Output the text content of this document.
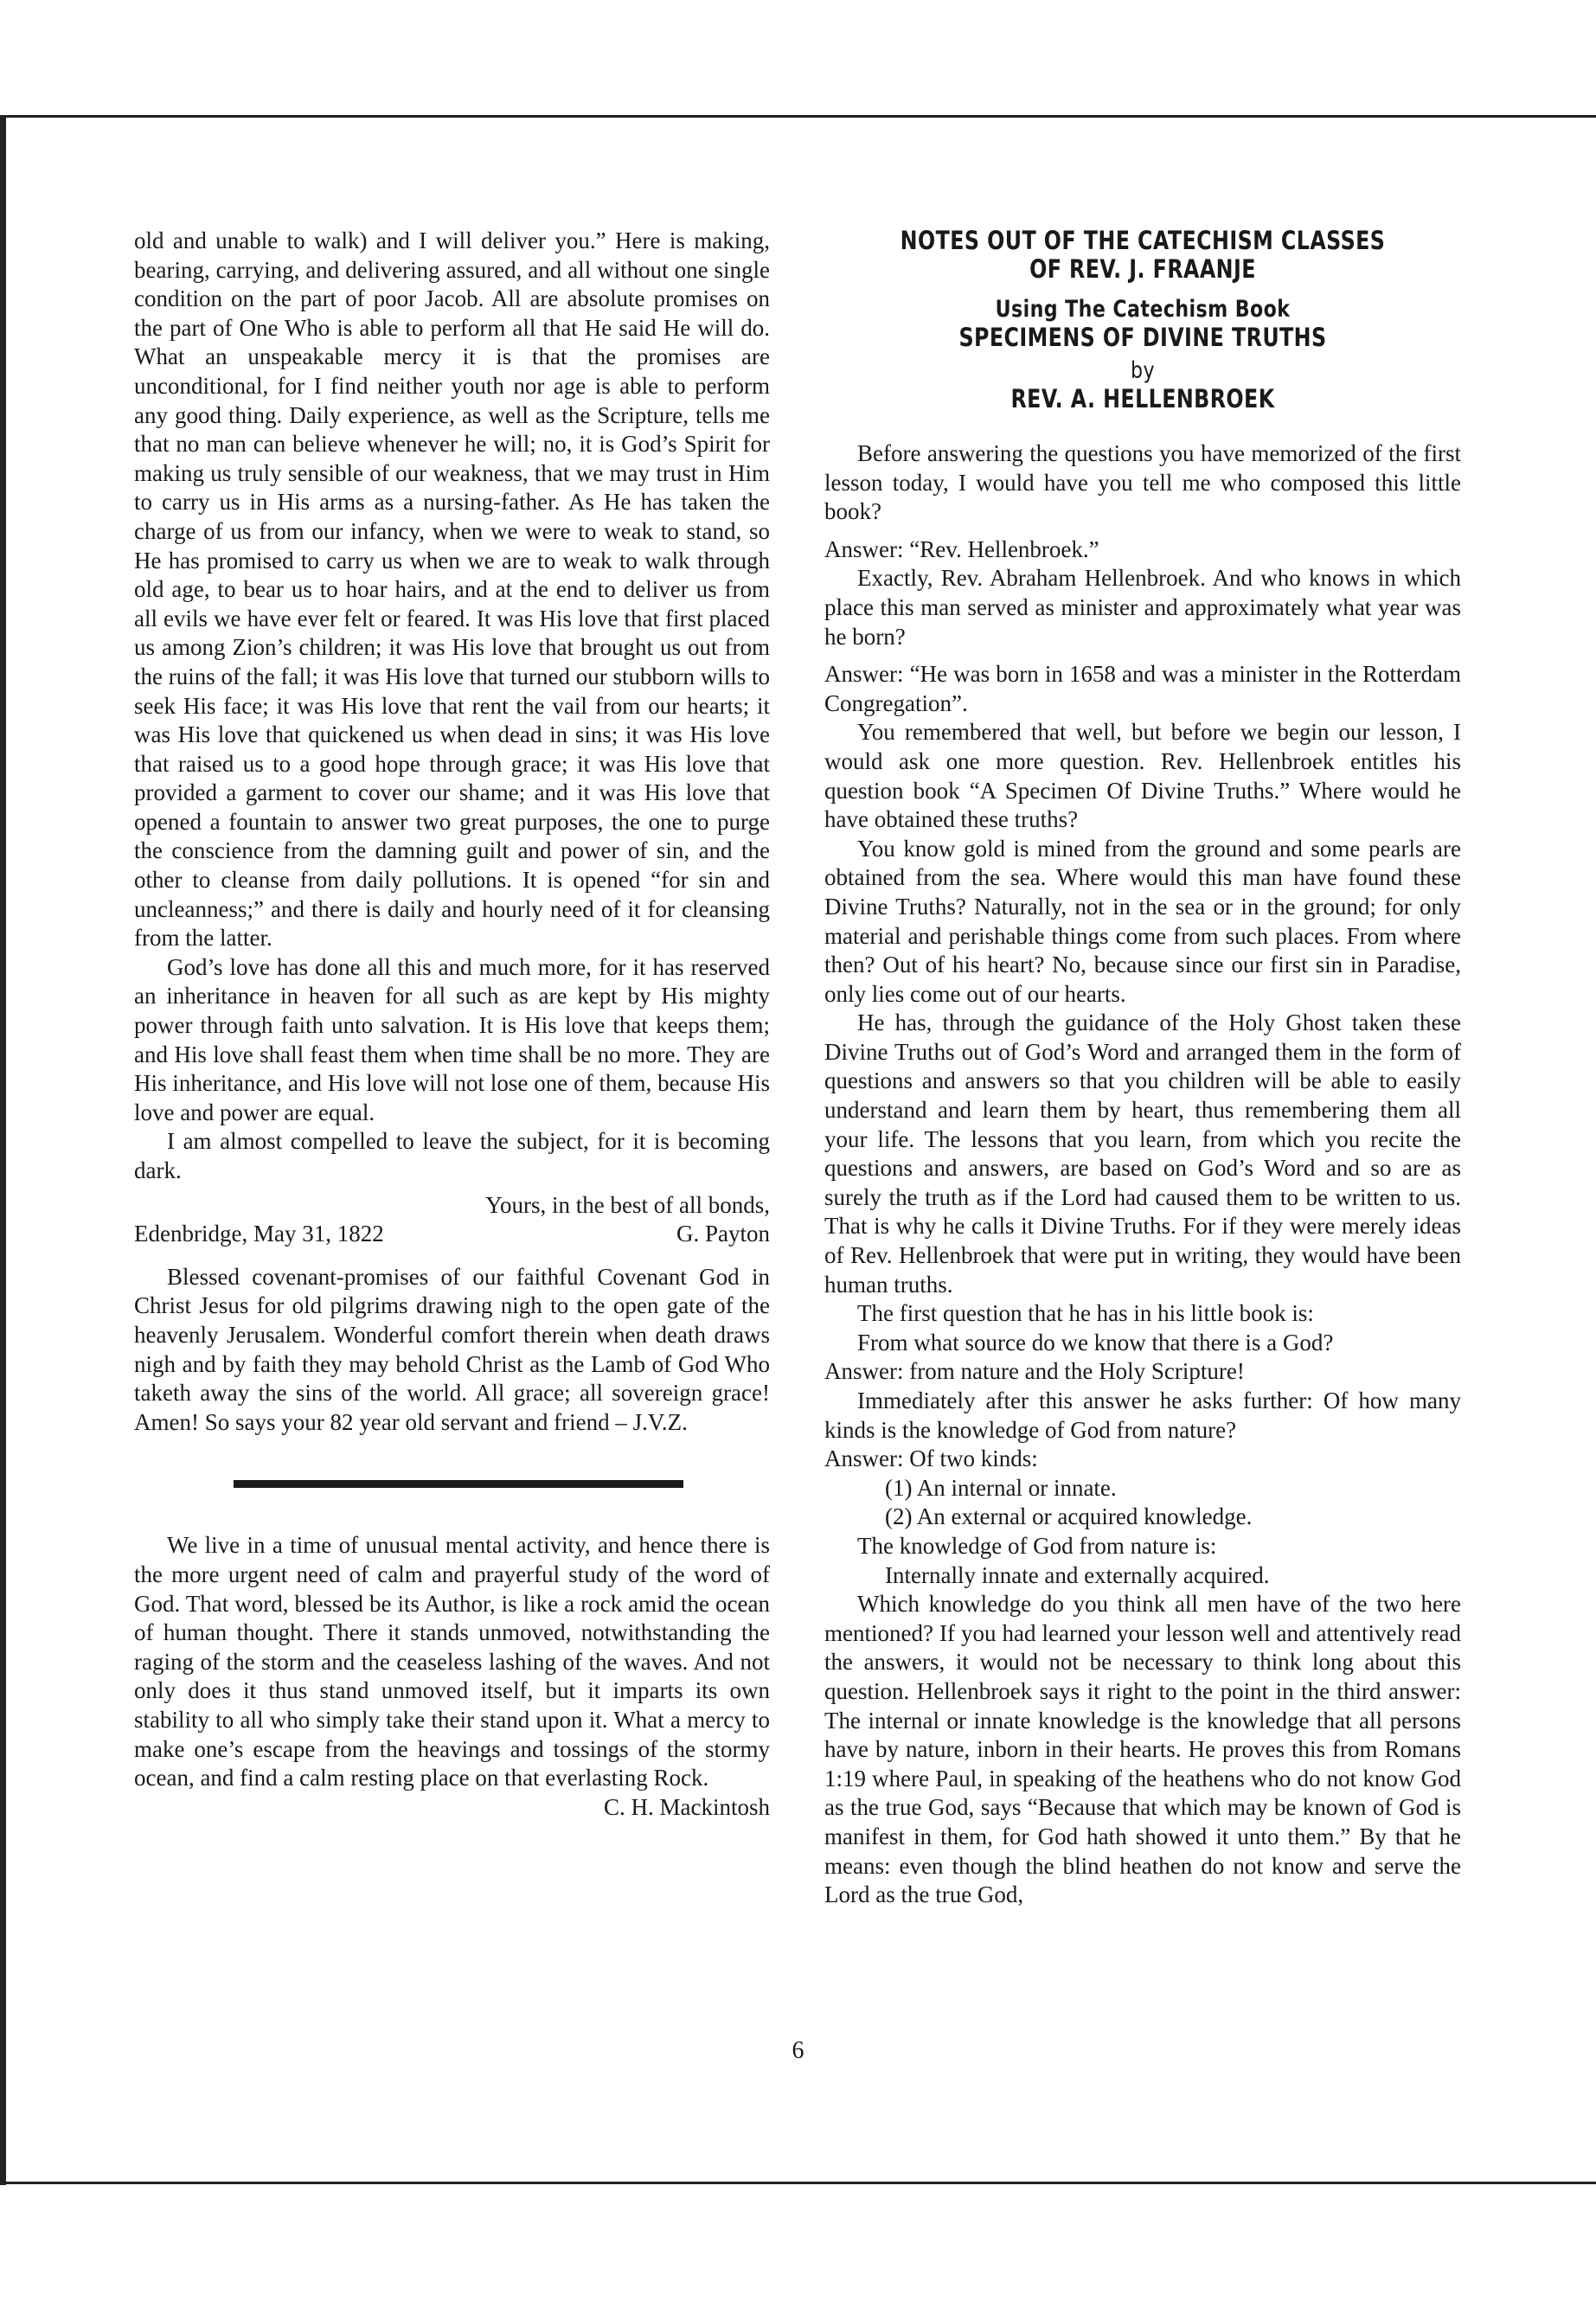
old and unable to walk) and I will deliver you.” Here is making, bearing, carrying, and delivering assured, and all without one single condition on the part of poor Jacob. All are absolute promises on the part of One Who is able to perform all that He said He will do. What an unspeakable mercy it is that the promises are unconditional, for I find neither youth nor age is able to perform any good thing. Daily experience, as well as the Scripture, tells me that no man can believe whenever he will; no, it is God’s Spirit for making us truly sensible of our weakness, that we may trust in Him to carry us in His arms as a nursing-father. As He has taken the charge of us from our infancy, when we were to weak to stand, so He has promised to carry us when we are to weak to walk through old age, to bear us to hoar hairs, and at the end to deliver us from all evils we have ever felt or feared. It was His love that first placed us among Zion’s children; it was His love that brought us out from the ruins of the fall; it was His love that turned our stubborn wills to seek His face; it was His love that rent the vail from our hearts; it was His love that quickened us when dead in sins; it was His love that raised us to a good hope through grace; it was His love that provided a garment to cover our shame; and it was His love that opened a fountain to answer two great purposes, the one to purge the conscience from the damning guilt and power of sin, and the other to cleanse from daily pollutions. It is opened “for sin and uncleanness;” and there is daily and hourly need of it for cleansing from the latter.

God’s love has done all this and much more, for it has reserved an inheritance in heaven for all such as are kept by His mighty power through faith unto salvation. It is His love that keeps them; and His love shall feast them when time shall be no more. They are His inheritance, and His love will not lose one of them, because His love and power are equal.

I am almost compelled to leave the subject, for it is becoming dark.

Yours, in the best of all bonds,

Edenbridge, May 31, 1822	G. Payton

Blessed covenant-promises of our faithful Covenant God in Christ Jesus for old pilgrims drawing nigh to the open gate of the heavenly Jerusalem. Wonderful comfort therein when death draws nigh and by faith they may behold Christ as the Lamb of God Who taketh away the sins of the world. All grace; all sovereign grace! Amen! So says your 82 year old servant and friend – J.V.Z.

We live in a time of unusual mental activity, and hence there is the more urgent need of calm and prayerful study of the word of God. That word, blessed be its Author, is like a rock amid the ocean of human thought. There it stands unmoved, notwithstanding the raging of the storm and the ceaseless lashing of the waves. And not only does it thus stand unmoved itself, but it imparts its own stability to all who simply take their stand upon it. What a mercy to make one’s escape from the heavings and tossings of the stormy ocean, and find a calm resting place on that everlasting Rock.

C. H. Mackintosh

NOTES OUT OF THE CATECHISM CLASSES
OF REV. J. FRAANJE
Using The Catechism Book
SPECIMENS OF DIVINE TRUTHS
by
REV. A. HELLENBROEK

Before answering the questions you have memorized of the first lesson today, I would have you tell me who composed this little book?

Answer: “Rev. Hellenbroek.”

Exactly, Rev. Abraham Hellenbroek. And who knows in which place this man served as minister and approximately what year was he born?

Answer: “He was born in 1658 and was a minister in the Rotterdam Congregation”.

You remembered that well, but before we begin our lesson, I would ask one more question. Rev. Hellenbroek entitles his question book “A Specimen Of Divine Truths.” Where would he have obtained these truths?

You know gold is mined from the ground and some pearls are obtained from the sea. Where would this man have found these Divine Truths? Naturally, not in the sea or in the ground; for only material and perishable things come from such places. From where then? Out of his heart? No, because since our first sin in Paradise, only lies come out of our hearts.

He has, through the guidance of the Holy Ghost taken these Divine Truths out of God’s Word and arranged them in the form of questions and answers so that you children will be able to easily understand and learn them by heart, thus remembering them all your life. The lessons that you learn, from which you recite the questions and answers, are based on God’s Word and so are as surely the truth as if the Lord had caused them to be written to us. That is why he calls it Divine Truths. For if they were merely ideas of Rev. Hellenbroek that were put in writing, they would have been human truths.

The first question that he has in his little book is:

From what source do we know that there is a God?

Answer: from nature and the Holy Scripture!

Immediately after this answer he asks further: Of how many kinds is the knowledge of God from nature?

Answer: Of two kinds:

(1) An internal or innate.

(2) An external or acquired knowledge.

The knowledge of God from nature is:

Internally innate and externally acquired.

Which knowledge do you think all men have of the two here mentioned? If you had learned your lesson well and attentively read the answers, it would not be necessary to think long about this question. Hellenbroek says it right to the point in the third answer: The internal or innate knowledge is the knowledge that all persons have by nature, inborn in their hearts. He proves this from Romans 1:19 where Paul, in speaking of the heathens who do not know God as the true God, says “Because that which may be known of God is manifest in them, for God hath showed it unto them.” By that he means: even though the blind heathen do not know and serve the Lord as the true God,

6
